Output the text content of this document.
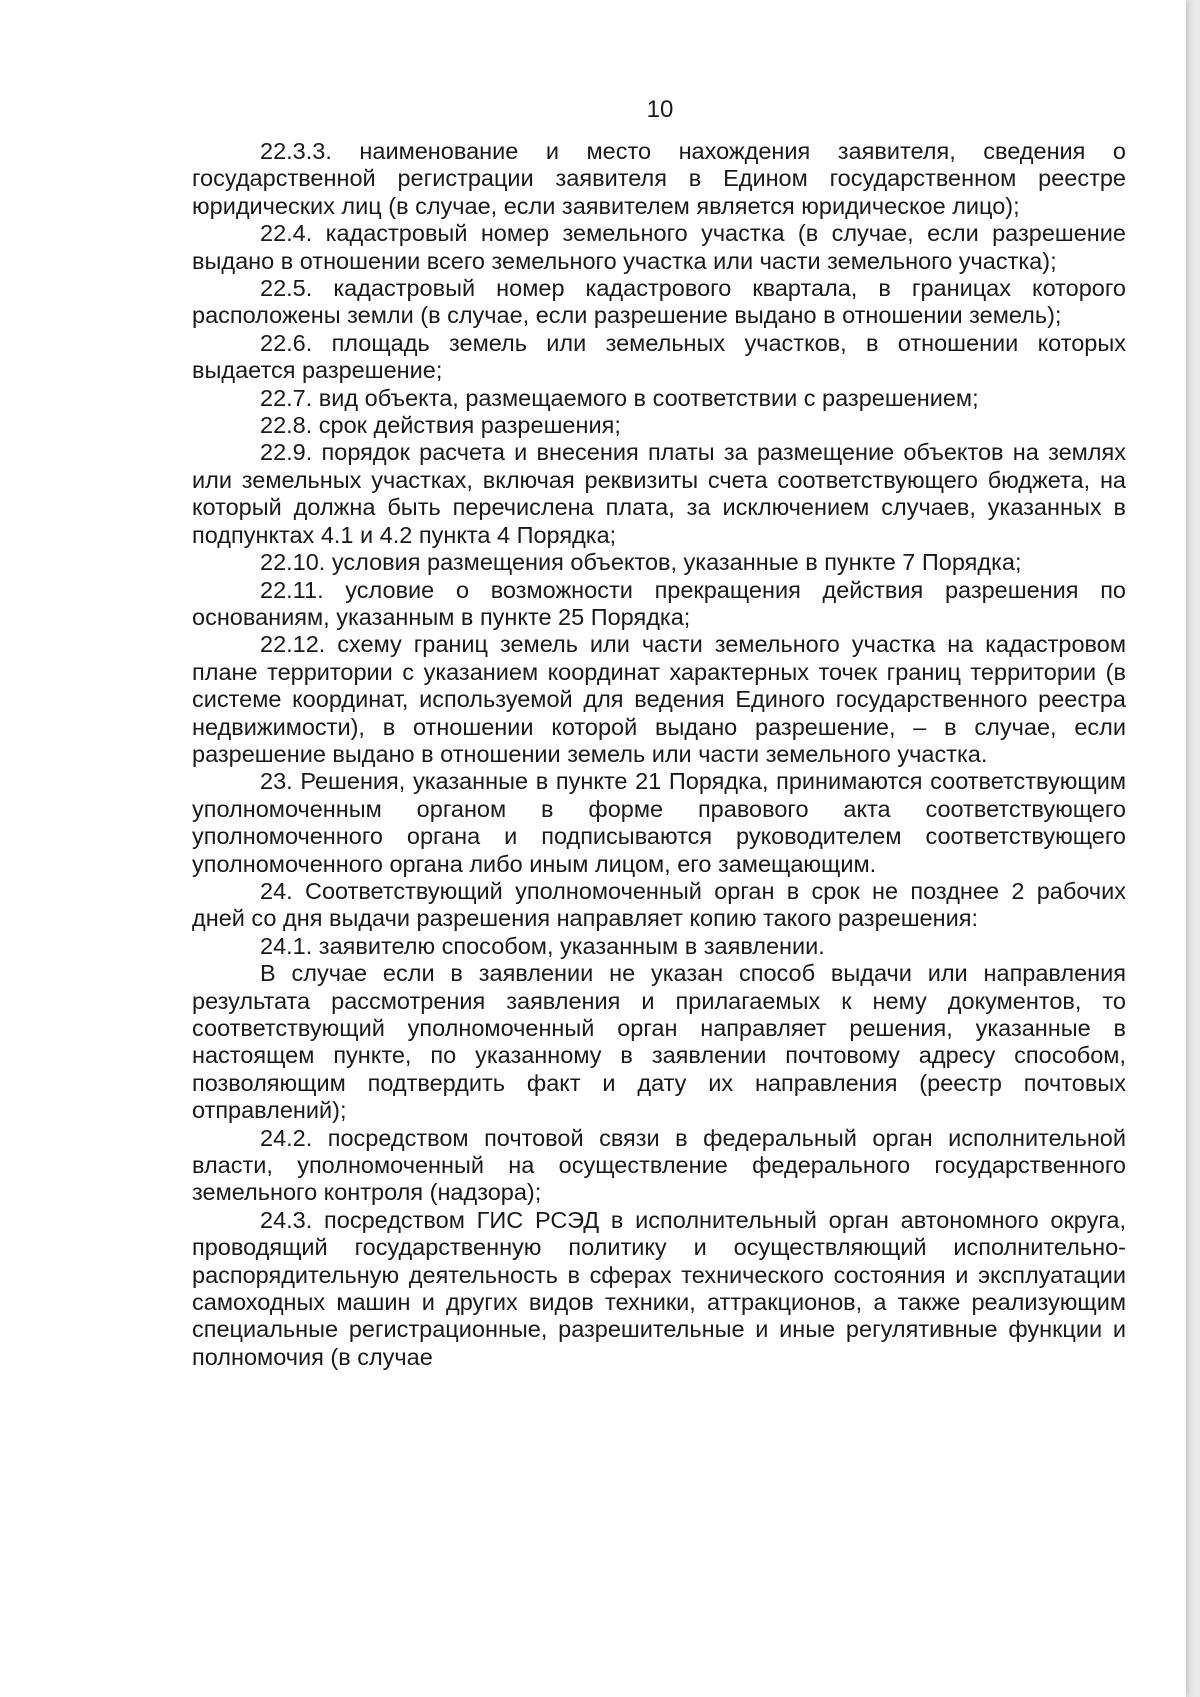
10

22.3.3. наименование и место нахождения заявителя, сведения о государственной регистрации заявителя в Едином государственном реестре юридических лиц (в случае, если заявителем является юридическое лицо);

22.4. кадастровый номер земельного участка (в случае, если разрешение выдано в отношении всего земельного участка или части земельного участка);

22.5. кадастровый номер кадастрового квартала, в границах которого расположены земли (в случае, если разрешение выдано в отношении земель);

22.6. площадь земель или земельных участков, в отношении которых выдается разрешение;

22.7. вид объекта, размещаемого в соответствии с разрешением;

22.8. срок действия разрешения;

22.9. порядок расчета и внесения платы за размещение объектов на землях или земельных участках, включая реквизиты счета соответствующего бюджета, на который должна быть перечислена плата, за исключением случаев, указанных в подпунктах 4.1 и 4.2 пункта 4 Порядка;

22.10. условия размещения объектов, указанные в пункте 7 Порядка;

22.11. условие о возможности прекращения действия разрешения по основаниям, указанным в пункте 25 Порядка;

22.12. схему границ земель или части земельного участка на кадастровом плане территории с указанием координат характерных точек границ территории (в системе координат, используемой для ведения Единого государственного реестра недвижимости), в отношении которой выдано разрешение, – в случае, если разрешение выдано в отношении земель или части земельного участка.

23. Решения, указанные в пункте 21 Порядка, принимаются соответствующим уполномоченным органом в форме правового акта соответствующего уполномоченного органа и подписываются руководителем соответствующего уполномоченного органа либо иным лицом, его замещающим.

24. Соответствующий уполномоченный орган в срок не позднее 2 рабочих дней со дня выдачи разрешения направляет копию такого разрешения:

24.1. заявителю способом, указанным в заявлении.

В случае если в заявлении не указан способ выдачи или направления результата рассмотрения заявления и прилагаемых к нему документов, то соответствующий уполномоченный орган направляет решения, указанные в настоящем пункте, по указанному в заявлении почтовому адресу способом, позволяющим подтвердить факт и дату их направления (реестр почтовых отправлений);

24.2. посредством почтовой связи в федеральный орган исполнительной власти, уполномоченный на осуществление федерального государственного земельного контроля (надзора);

24.3. посредством ГИС РСЭД в исполнительный орган автономного округа, проводящий государственную политику и осуществляющий исполнительно-распорядительную деятельность в сферах технического состояния и эксплуатации самоходных машин и других видов техники, аттракционов, а также реализующим специальные регистрационные, разрешительные и иные регулятивные функции и полномочия (в случае
